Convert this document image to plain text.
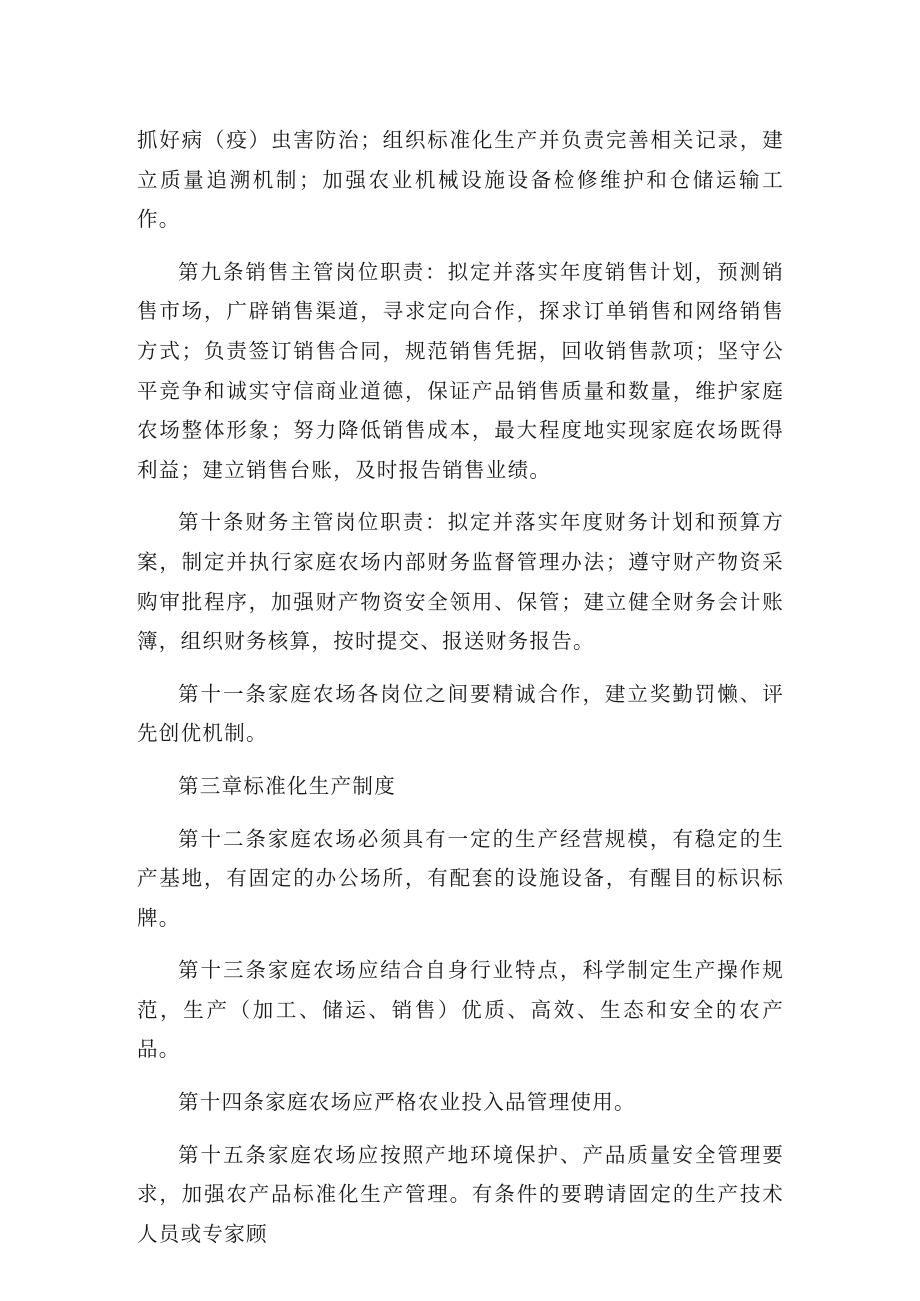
抓好病（疫）虫害防治；组织标准化生产并负责完善相关记录，建立质量追溯机制；加强农业机械设施设备检修维护和仓储运输工作。

第九条销售主管岗位职责：拟定并落实年度销售计划，预测销售市场，广辟销售渠道，寻求定向合作，探求订单销售和网络销售方式；负责签订销售合同，规范销售凭据，回收销售款项；坚守公平竞争和诚实守信商业道德，保证产品销售质量和数量，维护家庭农场整体形象；努力降低销售成本，最大程度地实现家庭农场既得利益；建立销售台账，及时报告销售业绩。

第十条财务主管岗位职责：拟定并落实年度财务计划和预算方案，制定并执行家庭农场内部财务监督管理办法；遵守财产物资采购审批程序，加强财产物资安全领用、保管；建立健全财务会计账簿，组织财务核算，按时提交、报送财务报告。

第十一条家庭农场各岗位之间要精诚合作，建立奖勤罚懒、评先创优机制。

第三章标准化生产制度

第十二条家庭农场必须具有一定的生产经营规模，有稳定的生产基地，有固定的办公场所，有配套的设施设备，有醒目的标识标牌。

第十三条家庭农场应结合自身行业特点，科学制定生产操作规范，生产（加工、储运、销售）优质、高效、生态和安全的农产品。

第十四条家庭农场应严格农业投入品管理使用。

第十五条家庭农场应按照产地环境保护、产品质量安全管理要求，加强农产品标准化生产管理。有条件的要聘请固定的生产技术人员或专家顾
